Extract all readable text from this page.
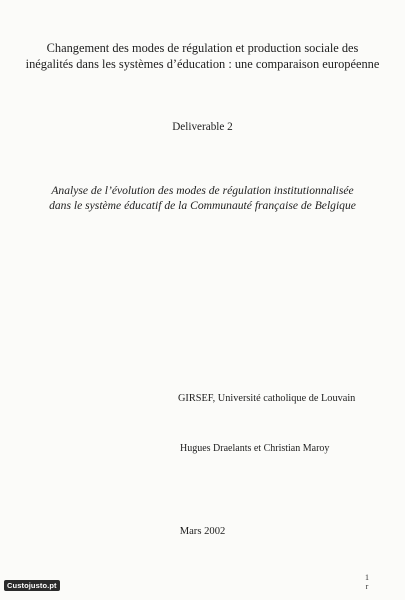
Changement des modes de régulation et production sociale des
inégalités dans les systèmes d’éducation : une comparaison européenne
Deliverable 2
Analyse de l’évolution des modes de régulation institutionnalisée
dans le système éducatif de la Communauté française de Belgique
GIRSEF, Université catholique de Louvain
Hugues Draelants et Christian Maroy
Mars 2002
Custojusto.pt
1
r
